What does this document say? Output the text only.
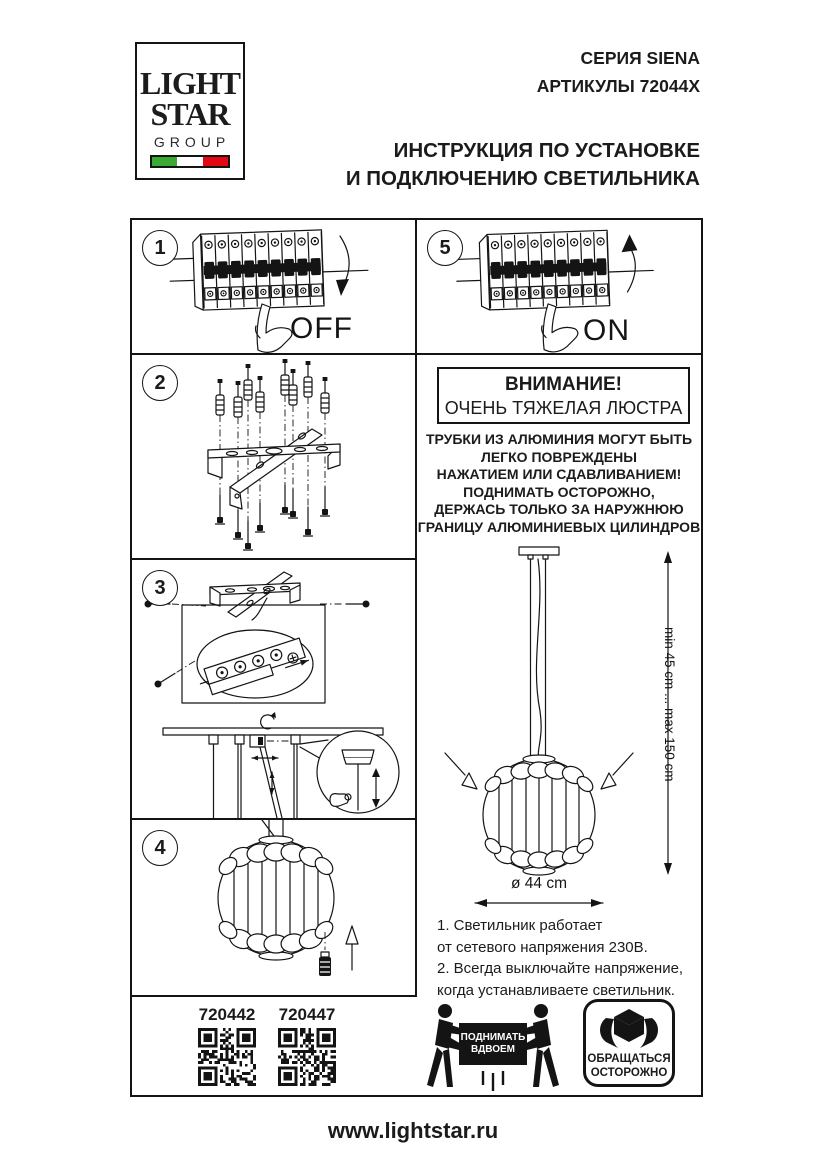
LIGHT
STAR
GROUP
СЕРИЯ SIENA
АРТИКУЛЫ 72044X
ИНСТРУКЦИЯ ПО УСТАНОВКЕ
И ПОДКЛЮЧЕНИЮ СВЕТИЛЬНИКА
1
OFF
5
ON
2
3
4
720442 720447
ВНИМАНИЕ!
ОЧЕНЬ ТЯЖЕЛАЯ ЛЮСТРА
ТРУБКИ ИЗ АЛЮМИНИЯ МОГУТ БЫТЬ
ЛЕГКО ПОВРЕЖДЕНЫ
НАЖАТИЕМ ИЛИ СДАВЛИВАНИЕМ!
ПОДНИМАТЬ ОСТОРОЖНО,
ДЕРЖАСЬ ТОЛЬКО ЗА НАРУЖНЮЮ
ГРАНИЦУ АЛЮМИНИЕВЫХ ЦИЛИНДРОВ
min 45 cm ... max 150 cm
ø 44 cm
1. Светильник работает
от сетевого напряжения 230В.
2. Всегда выключайте напряжение,
когда устанавливаете светильник.
ПОДНИМАТЬ
ВДВОЕМ
ОБРАЩАТЬСЯ
ОСТОРОЖНО
www.lightstar.ru
